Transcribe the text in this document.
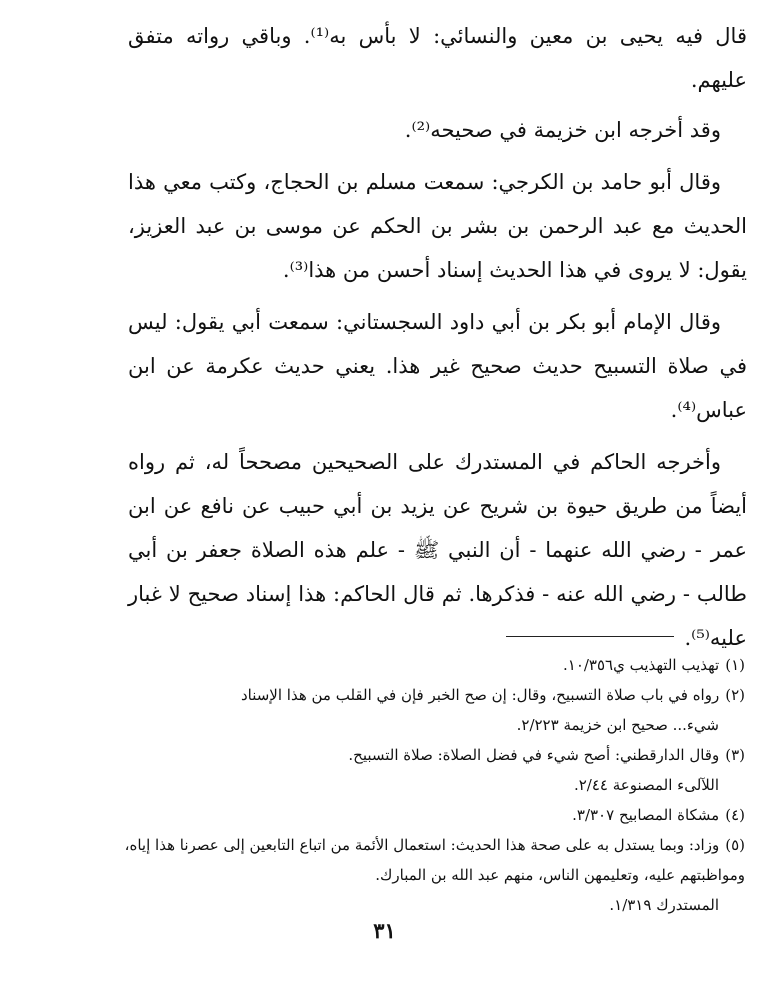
قال فيه يحيى بن معين والنسائي: لا بأس به⁽¹⁾. وباقي رواته متفق عليهم.

وقد أخرجه ابن خزيمة في صحيحه⁽²⁾.

وقال أبو حامد بن الكرجي: سمعت مسلم بن الحجاج، وكتب معي هذا الحديث مع عبد الرحمن بن بشر بن الحكم عن موسى بن عبد العزيز، يقول: لا يروى في هذا الحديث إسناد أحسن من هذا⁽³⁾.

وقال الإمام أبو بكر بن أبي داود السجستاني: سمعت أبي يقول: ليس في صلاة التسبيح حديث صحيح غير هذا. يعني حديث عكرمة عن ابن عباس⁽⁴⁾.

وأخرجه الحاكم في المستدرك على الصحيحين مصححاً له، ثم رواه أيضاً من طريق حيوة بن شريح عن يزيد بن أبي حبيب عن نافع عن ابن عمر - رضي الله عنهما - أن النبي ﷺ - علم هذه الصلاة جعفر بن أبي طالب - رضي الله عنه - فذكرها. ثم قال الحاكم: هذا إسناد صحيح لا غبار عليه⁽⁵⁾.

(١)تهذيب التهذيب ي١٠/٣٥٦.

(٢)رواه في باب صلاة التسبيح، وقال: إن صح الخبر فإن في القلب من هذا الإسناد
شيء... صحيح ابن خزيمة ٢/٢٢٣.

(٣)وقال الدارقطني: أصح شيء في فضل الصلاة: صلاة التسبيح.
اللآلىء المصنوعة ٢/٤٤.

(٤)مشكاة المصابيح ٣/٣٠٧.

(٥)وزاد: وبما يستدل به على صحة هذا الحديث: استعمال الأئمة من اتباع التابعين إلى عصرنا هذا إياه، ومواظبتهم عليه، وتعليمهن الناس، منهم عبد الله بن المبارك.
المستدرك ١/٣١٩.

٣١
